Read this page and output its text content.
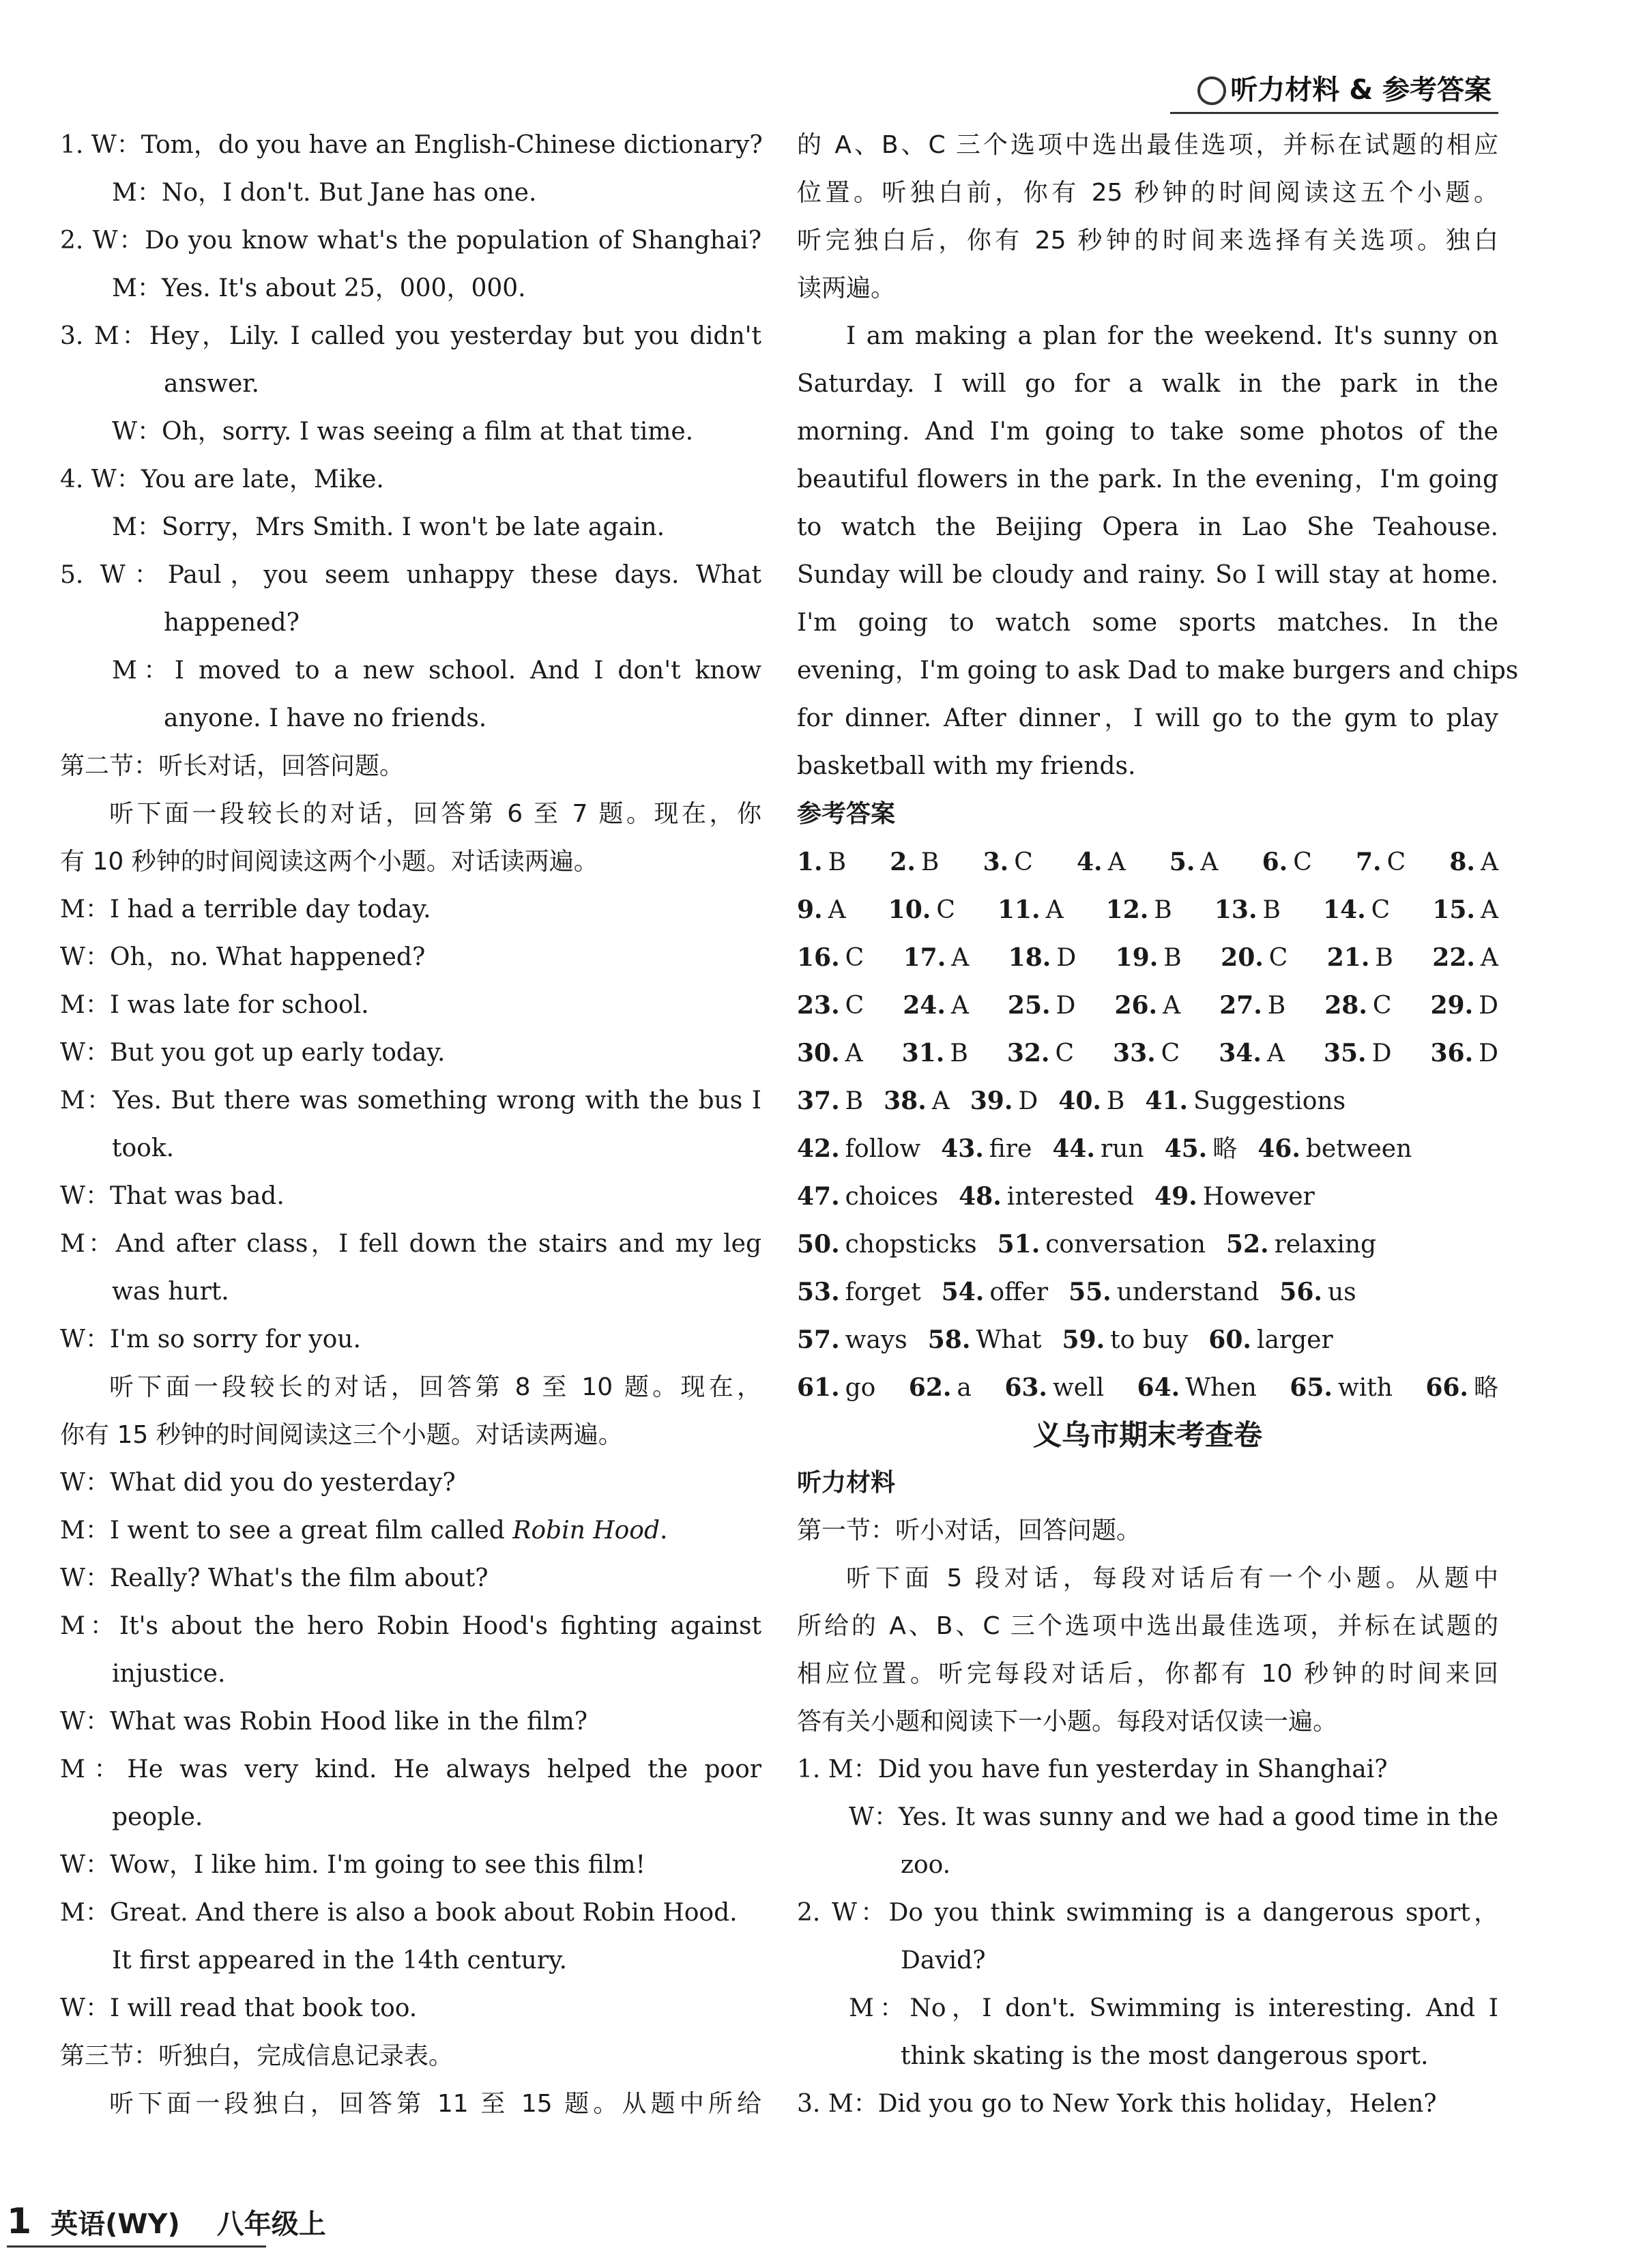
听力材料 & 参考答案
1. W：Tom，do you have an English-Chinese dictionary?
M：No，I don't. But Jane has one.
2. W：Do you know what's the population of Shanghai?
M：Yes. It's about 25，000，000.
3. M：Hey，Lily. I called you yesterday but you didn't
answer.
W：Oh，sorry. I was seeing a film at that time.
4. W：You are late，Mike.
M：Sorry，Mrs Smith. I won't be late again.
5. W：Paul，you seem unhappy these days. What
happened?
M：I moved to a new school. And I don't know
anyone. I have no friends.
第二节：听长对话，回答问题。
听下面一段较长的对话，回答第 6 至 7 题。现在，你
有 10 秒钟的时间阅读这两个小题。对话读两遍。
M：I had a terrible day today.
W：Oh，no. What happened?
M：I was late for school.
W：But you got up early today.
M：Yes. But there was something wrong with the bus I
took.
W：That was bad.
M：And after class，I fell down the stairs and my leg
was hurt.
W：I'm so sorry for you.
听下面一段较长的对话，回答第 8 至 10 题。现在，
你有 15 秒钟的时间阅读这三个小题。对话读两遍。
W：What did you do yesterday?
M：I went to see a great film called Robin Hood.
W：Really? What's the film about?
M：It's about the hero Robin Hood's fighting against
injustice.
W：What was Robin Hood like in the film?
M：He was very kind. He always helped the poor
people.
W：Wow，I like him. I'm going to see this film!
M：Great. And there is also a book about Robin Hood.
It first appeared in the 14th century.
W：I will read that book too.
第三节：听独白，完成信息记录表。
听下面一段独白，回答第 11 至 15 题。从题中所给
的 A、B、C 三个选项中选出最佳选项，并标在试题的相应
位置。听独白前，你有 25 秒钟的时间阅读这五个小题。
听完独白后，你有 25 秒钟的时间来选择有关选项。独白
读两遍。
I am making a plan for the weekend. It's sunny on
Saturday. I will go for a walk in the park in the
morning. And I'm going to take some photos of the
beautiful flowers in the park. In the evening，I'm going
to watch the Beijing Opera in Lao She Teahouse.
Sunday will be cloudy and rainy. So I will stay at home.
I'm going to watch some sports matches. In the
evening，I'm going to ask Dad to make burgers and chips
for dinner. After dinner，I will go to the gym to play
basketball with my friends.
参考答案
1. B 2. B 3. C 4. A 5. A 6. C 7. C 8. A
9. A 10. C 11. A 12. B 13. B 14. C 15. A
16. C 17. A 18. D 19. B 20. C 21. B 22. A
23. C 24. A 25. D 26. A 27. B 28. C 29. D
30. A 31. B 32. C 33. C 34. A 35. D 36. D
37. B 38. A 39. D 40. B 41. Suggestions
42. follow 43. fire 44. run 45. 略 46. between
47. choices 48. interested 49. However
50. chopsticks 51. conversation 52. relaxing
53. forget 54. offer 55. understand 56. us
57. ways 58. What 59. to buy 60. larger
61. go 62. a 63. well 64. When 65. with 66. 略
义乌市期末考查卷
听力材料
第一节：听小对话，回答问题。
听下面 5 段对话，每段对话后有一个小题。从题中
所给的 A、B、C 三个选项中选出最佳选项，并标在试题的
相应位置。听完每段对话后，你都有 10 秒钟的时间来回
答有关小题和阅读下一小题。每段对话仅读一遍。
1. M：Did you have fun yesterday in Shanghai?
W：Yes. It was sunny and we had a good time in the
zoo.
2. W：Do you think swimming is a dangerous sport，
David?
M：No，I don't. Swimming is interesting. And I
think skating is the most dangerous sport.
3. M：Did you go to New York this holiday，Helen?
1 英语(WY) 八年级上
